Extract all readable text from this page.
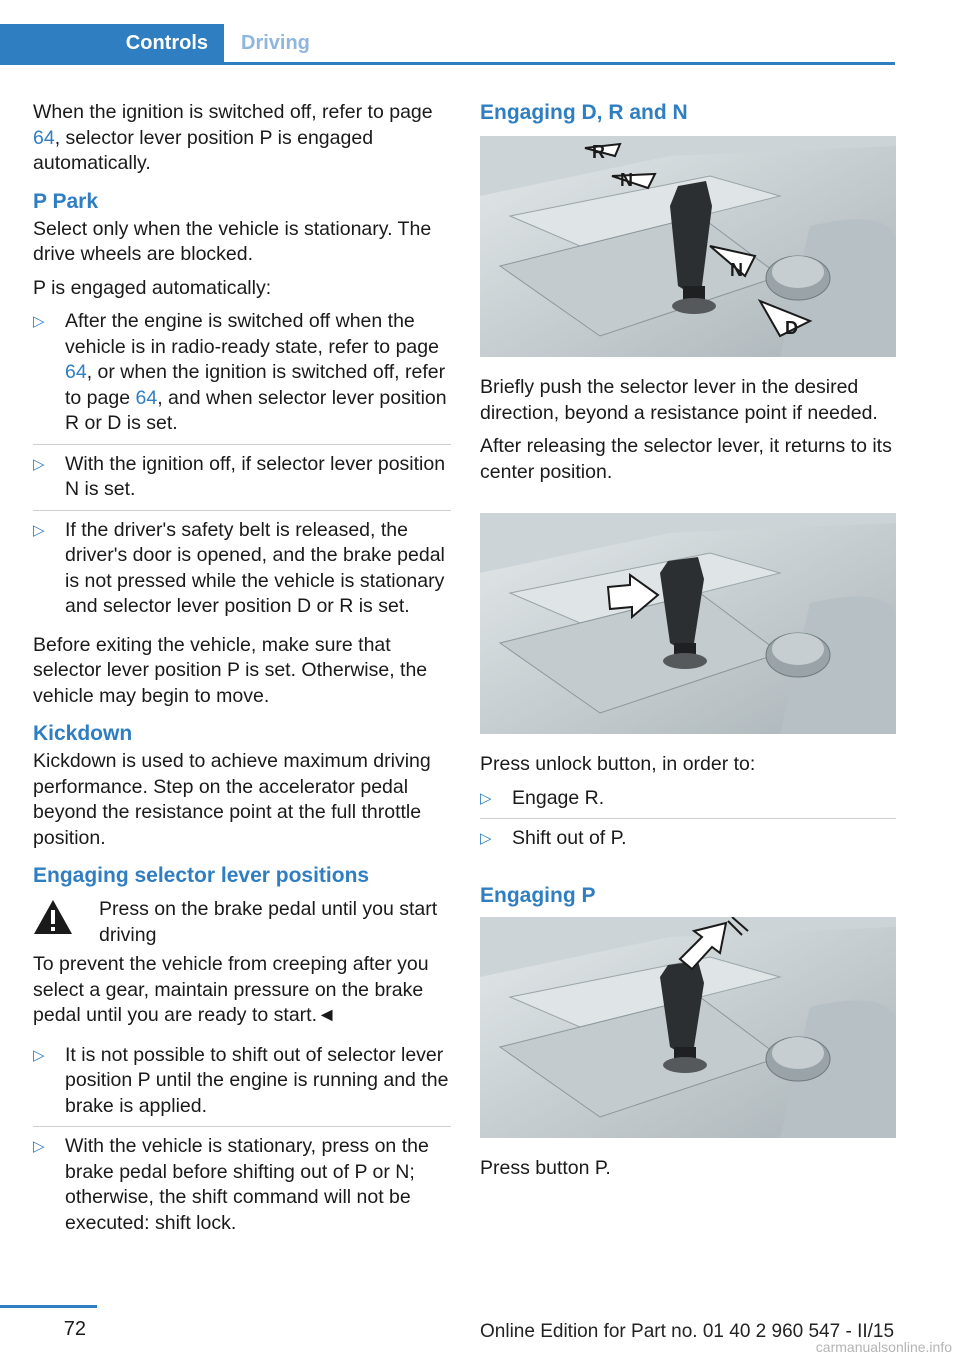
Controls	Driving

When the ignition is switched off, refer to page 64, selector lever position P is engaged automatically.

P Park

Select only when the vehicle is stationary. The drive wheels are blocked.

P is engaged automatically:

▷ After the engine is switched off when the vehicle is in radio-ready state, refer to page 64, or when the ignition is switched off, refer to page 64, and when selector lever position R or D is set.
▷ With the ignition off, if selector lever position N is set.
▷ If the driver's safety belt is released, the driver's door is opened, and the brake pedal is not pressed while the vehicle is stationary and selector lever position D or R is set.

Before exiting the vehicle, make sure that selector lever position P is set. Otherwise, the vehicle may begin to move.

Kickdown

Kickdown is used to achieve maximum driving performance. Step on the accelerator pedal beyond the resistance point at the full throttle position.

Engaging selector lever positions
Press on the brake pedal until you start driving

To prevent the vehicle from creeping after you select a gear, maintain pressure on the brake pedal until you are ready to start.◄

▷ It is not possible to shift out of selector lever position P until the engine is running and the brake is applied.
▷ With the vehicle is stationary, press on the brake pedal before shifting out of P or N; otherwise, the shift command will not be executed: shift lock.
Engaging D, R and N
R
N
N
D

Briefly push the selector lever in the desired direction, beyond a resistance point if needed.

After releasing the selector lever, it returns to its center position.

Press unlock button, in order to:

▷ Engage R.
▷ Shift out of P.
Engaging P

Press button P.

72	Online Edition for Part no. 01 40 2 960 547 - II/15
carmanualsonline.info
